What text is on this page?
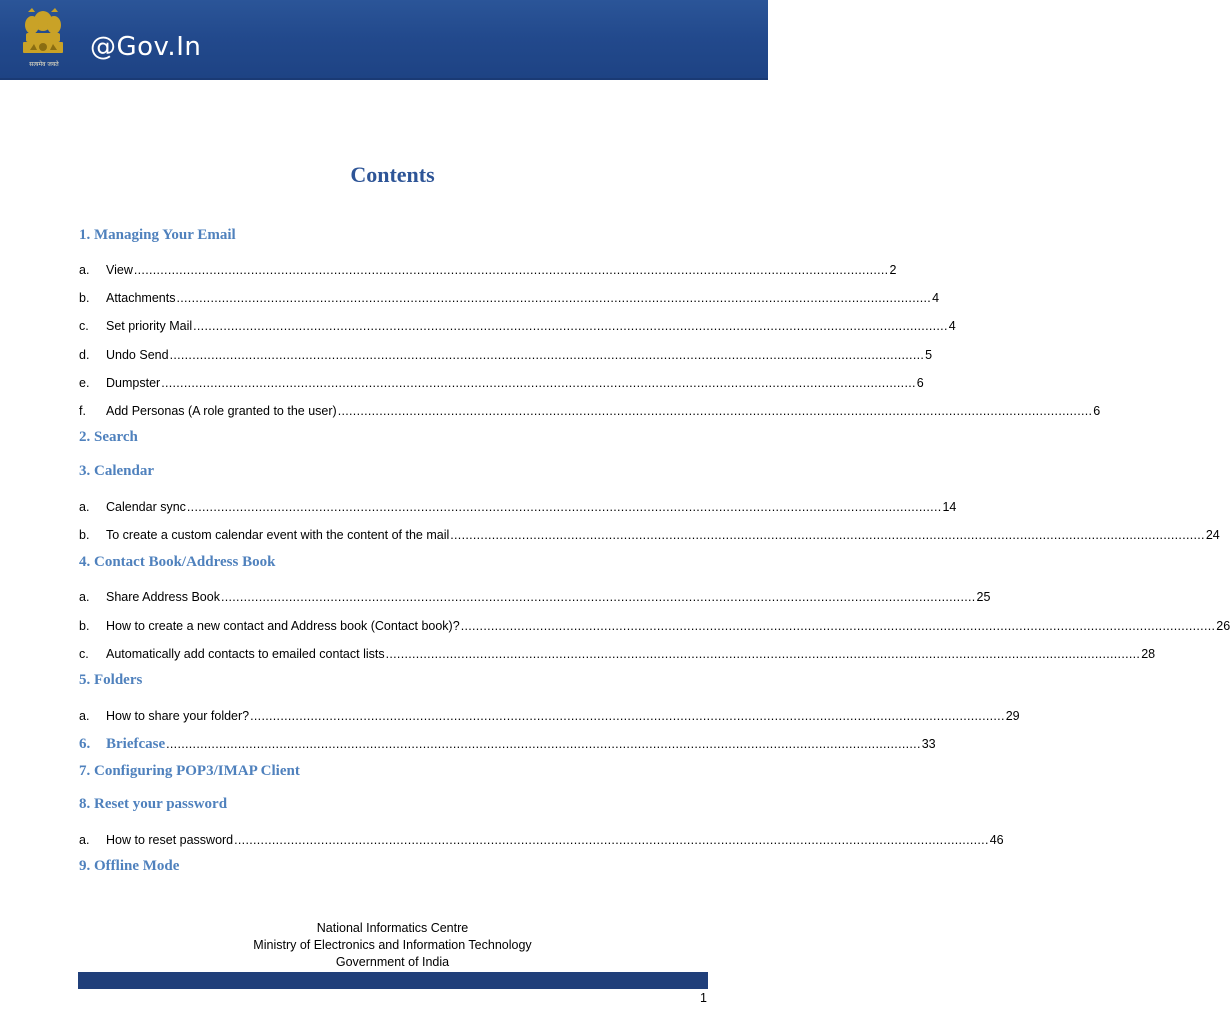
सत्यमेव जयते
@Gov.In
Contents
1. Managing Your Email
a.	View ........................................................................................................................................................................................................ 2
b.	Attachments ........................................................................................................................................................................................................ 4
c.	Set priority Mail ........................................................................................................................................................................................................ 4
d.	Undo Send ........................................................................................................................................................................................................ 5
e.	Dumpster ........................................................................................................................................................................................................ 6
f.	Add Personas (A role granted to the user) ........................................................................................................................................................................................................ 6
2. Search
3. Calendar
a.	Calendar sync ........................................................................................................................................................................................................ 14
b.	To create a custom calendar event with the content of the mail ........................................................................................................................................................................................................ 24
4. Contact Book/Address Book
a.	Share Address Book ........................................................................................................................................................................................................ 25
b.	How to create a new contact and Address book (Contact book)? ........................................................................................................................................................................................................ 26
c.	Automatically add contacts to emailed contact lists ........................................................................................................................................................................................................ 28
5. Folders
a.	How to share your folder? ........................................................................................................................................................................................................ 29
6.	Briefcase ........................................................................................................................................................................................................ 33
7. Configuring POP3/IMAP Client
8. Reset your password
a.	How to reset password ........................................................................................................................................................................................................ 46
9. Offline Mode
National Informatics Centre
Ministry of Electronics and Information Technology
Government of India
1
